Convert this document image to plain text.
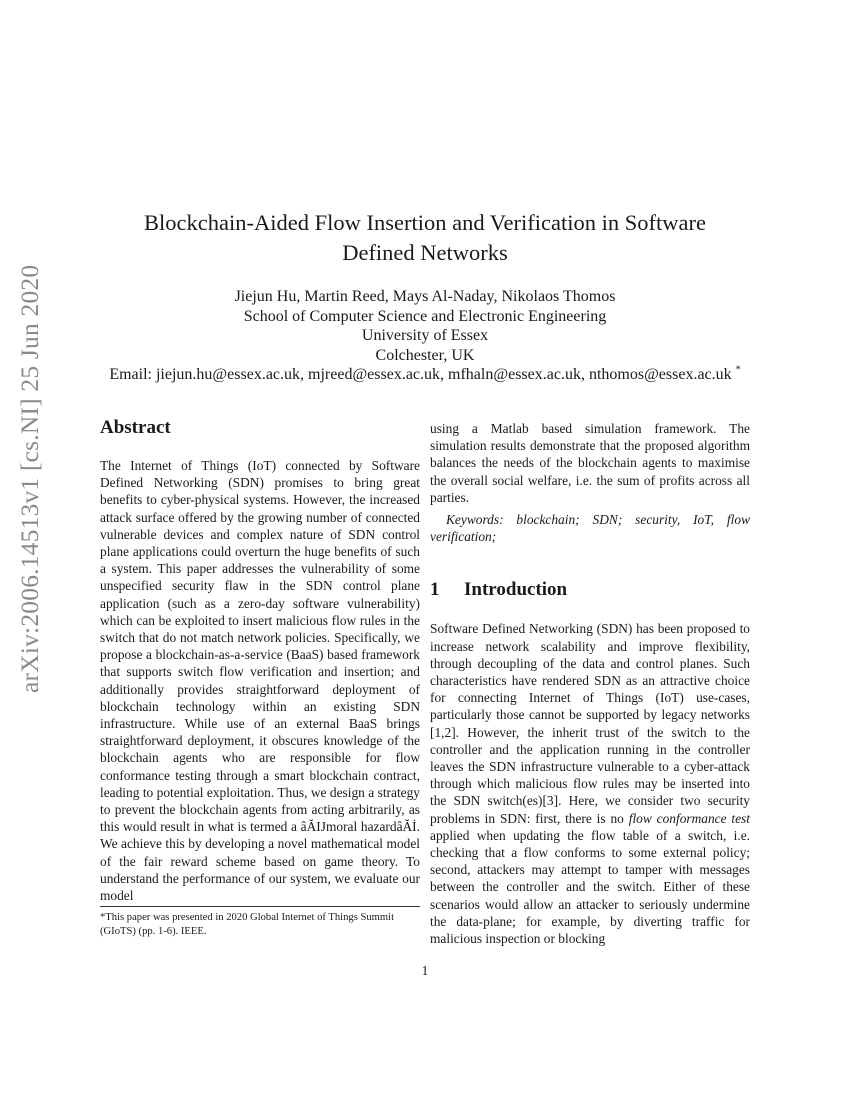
arXiv:2006.14513v1 [cs.NI] 25 Jun 2020
Blockchain-Aided Flow Insertion and Verification in Software
Defined Networks
Jiejun Hu, Martin Reed, Mays Al-Naday, Nikolaos Thomos
School of Computer Science and Electronic Engineering
University of Essex
Colchester, UK
Email: jiejun.hu@essex.ac.uk, mjreed@essex.ac.uk, mfhaln@essex.ac.uk, nthomos@essex.ac.uk *
Abstract

The Internet of Things (IoT) connected by Software Defined Networking (SDN) promises to bring great benefits to cyber-physical systems. However, the increased attack surface offered by the growing number of connected vulnerable devices and complex nature of SDN control plane applications could overturn the huge benefits of such a system. This paper addresses the vulnerability of some unspecified security flaw in the SDN control plane application (such as a zero-day software vulnerability) which can be exploited to insert malicious flow rules in the switch that do not match network policies. Specifically, we propose a blockchain-as-a-service (BaaS) based framework that supports switch flow verification and insertion; and additionally provides straightforward deployment of blockchain technology within an existing SDN infrastructure. While use of an external BaaS brings straightforward deployment, it obscures knowledge of the blockchain agents who are responsible for flow conformance testing through a smart blockchain contract, leading to potential exploitation. Thus, we design a strategy to prevent the blockchain agents from acting arbitrarily, as this would result in what is termed a âĂIJmoral hazardâĂİ. We achieve this by developing a novel mathematical model of the fair reward scheme based on game theory. To understand the performance of our system, we evaluate our model

using a Matlab based simulation framework. The simulation results demonstrate that the proposed algorithm balances the needs of the blockchain agents to maximise the overall social welfare, i.e. the sum of profits across all parties.

Keywords: blockchain; SDN; security, IoT, flow verification;

1 Introduction

Software Defined Networking (SDN) has been proposed to increase network scalability and improve flexibility, through decoupling of the data and control planes. Such characteristics have rendered SDN as an attractive choice for connecting Internet of Things (IoT) use-cases, particularly those cannot be supported by legacy networks [1,2]. However, the inherit trust of the switch to the controller and the application running in the controller leaves the SDN infrastructure vulnerable to a cyber-attack through which malicious flow rules may be inserted into the SDN switch(es)[3]. Here, we consider two security problems in SDN: first, there is no flow conformance test applied when updating the flow table of a switch, i.e. checking that a flow conforms to some external policy; second, attackers may attempt to tamper with messages between the controller and the switch. Either of these scenarios would allow an attacker to seriously undermine the data-plane; for example, by diverting traffic for malicious inspection or blocking

*This paper was presented in 2020 Global Internet of Things Summit (GIoTS) (pp. 1-6). IEEE.
1
